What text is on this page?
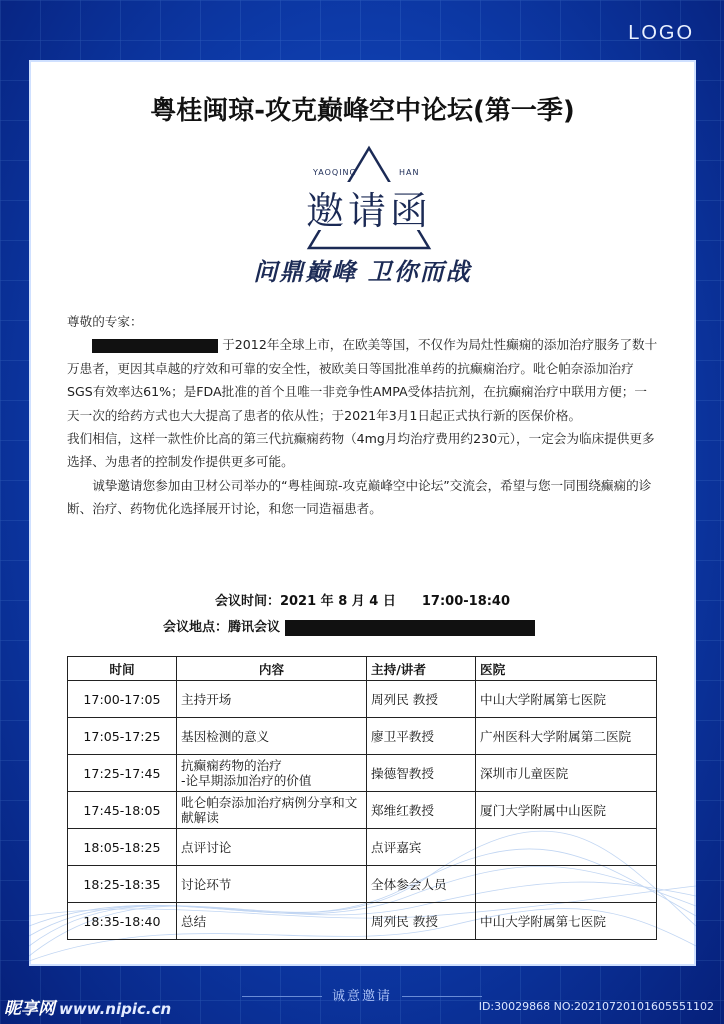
LOGO
粤桂闽琼-攻克巅峰空中论坛(第一季)
YAOQING	HAN
邀请函
问鼎巅峰 卫你而战

尊敬的专家：

于2012年全球上市，在欧美等国，不仅作为局灶性癫痫的添加治疗服务了数十万患者，更因其卓越的疗效和可靠的安全性，被欧美日等国批准单药的抗癫痫治疗。吡仑帕奈添加治疗SGS有效率达61%；是FDA批准的首个且唯一非竞争性AMPA受体拮抗剂，在抗癫痫治疗中联用方便；一天一次的给药方式也大大提高了患者的依从性；于2021年3月1日起正式执行新的医保价格。

我们相信，这样一款性价比高的第三代抗癫痫药物（4mg月均治疗费用约230元），一定会为临床提供更多选择、为患者的控制发作提供更多可能。

诚挚邀请您参加由卫材公司举办的“粤桂闽琼-攻克巅峰空中论坛”交流会，希望与您一同围绕癫痫的诊断、治疗、药物优化选择展开讨论，和您一同造福患者。

会议时间：2021 年 8 月 4 日　　17:00-18:40
会议地点：腾讯会议
时间	内容	主持/讲者	医院
17:00-17:05	主持开场	周列民 教授	中山大学附属第七医院
17:05-17:25	基因检测的意义	廖卫平教授	广州医科大学附属第二医院
17:25-17:45	抗癫痫药物的治疗
-论早期添加治疗的价值	操德智教授	深圳市儿童医院
17:45-18:05	吡仑帕奈添加治疗病例分享和文献解读	郑维红教授	厦门大学附属中山医院
18:05-18:25	点评讨论	点评嘉宾	
18:25-18:35	讨论环节	全体参会人员	
18:35-18:40	总结	周列民 教授	中山大学附属第七医院
诚意邀请
昵享网 www.nipic.cn	ID:30029868 NO:20210720101605551102
